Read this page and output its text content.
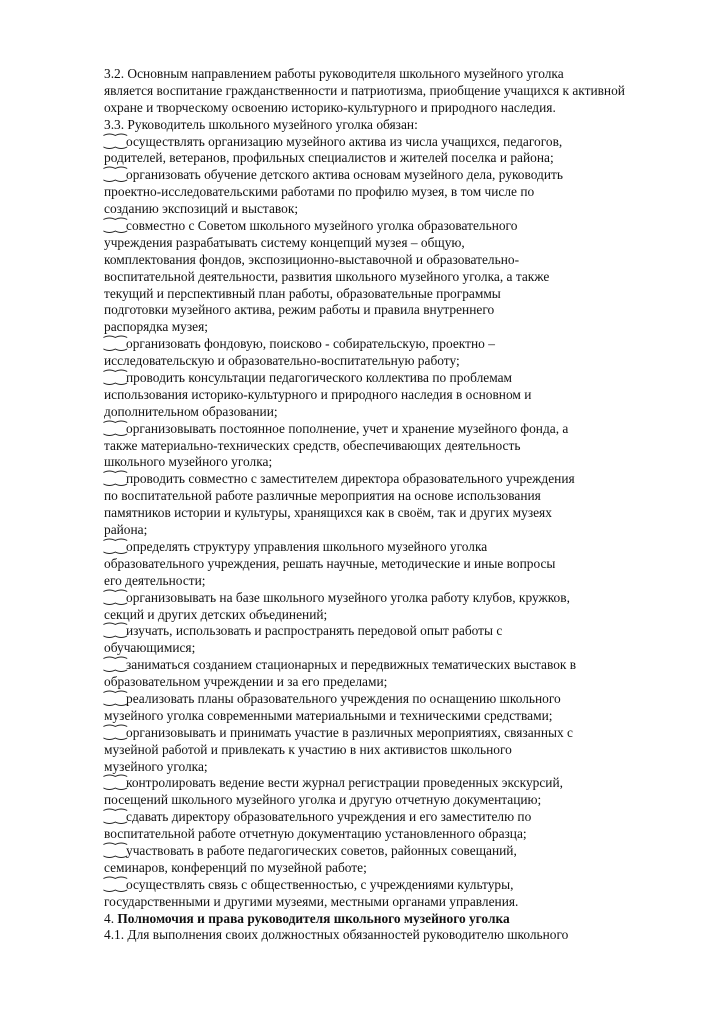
3.2. Основным направлением работы руководителя школьного музейного уголка
является воспитание гражданственности и патриотизма, приобщение учащихся к активной
охране и творческому освоению историко-культурного и природного наследия.
3.3. Руководитель школьного музейного уголка обязан:
⁐⁐осуществлять организацию музейного актива из числа учащихся, педагогов,
родителей, ветеранов, профильных специалистов и жителей поселка и района;
⁐⁐организовать обучение детского актива основам музейного дела, руководить
проектно-исследовательскими работами по профилю музея, в том числе по
созданию экспозиций и выставок;
⁐⁐совместно с Советом школьного музейного уголка образовательного
учреждения разрабатывать систему концепций музея – общую,
комплектования фондов, экспозиционно-выставочной и образовательно-
воспитательной деятельности, развития школьного музейного уголка, а также
текущий и перспективный план работы, образовательные программы
подготовки музейного актива, режим работы и правила внутреннего
распорядка музея;
⁐⁐организовать фондовую, поисково - собирательскую, проектно –
исследовательскую и образовательно-воспитательную работу;
⁐⁐проводить консультации педагогического коллектива по проблемам
использования историко-культурного и природного наследия в основном и
дополнительном образовании;
⁐⁐организовывать постоянное пополнение, учет и хранение музейного фонда, а
также материально-технических средств, обеспечивающих деятельность
школьного музейного уголка;
⁐⁐проводить совместно с заместителем директора образовательного учреждения
по воспитательной работе различные мероприятия на основе использования
памятников истории и культуры, хранящихся как в своём, так и других музеях
района;
⁐⁐определять структуру управления школьного музейного уголка
образовательного учреждения, решать научные, методические и иные вопросы
его деятельности;
⁐⁐организовывать на базе школьного музейного уголка работу клубов, кружков,
секций и других детских объединений;
⁐⁐изучать, использовать и распространять передовой опыт работы с
обучающимися;
⁐⁐заниматься созданием стационарных и передвижных тематических выставок в
образовательном учреждении и за его пределами;
⁐⁐реализовать планы образовательного учреждения по оснащению школьного
музейного уголка современными материальными и техническими средствами;
⁐⁐организовывать и принимать участие в различных мероприятиях, связанных с
музейной работой и привлекать к участию в них активистов школьного
музейного уголка;
⁐⁐контролировать ведение вести журнал регистрации проведенных экскурсий,
посещений школьного музейного уголка и другую отчетную документацию;
⁐⁐сдавать директору образовательного учреждения и его заместителю по
воспитательной работе отчетную документацию установленного образца;
⁐⁐участвовать в работе педагогических советов, районных совещаний,
семинаров, конференций по музейной работе;
⁐⁐осуществлять связь с общественностью, с учреждениями культуры,
государственными и другими музеями, местными органами управления.
4. Полномочия и права руководителя школьного музейного уголка
4.1. Для выполнения своих должностных обязанностей руководителю школьного
